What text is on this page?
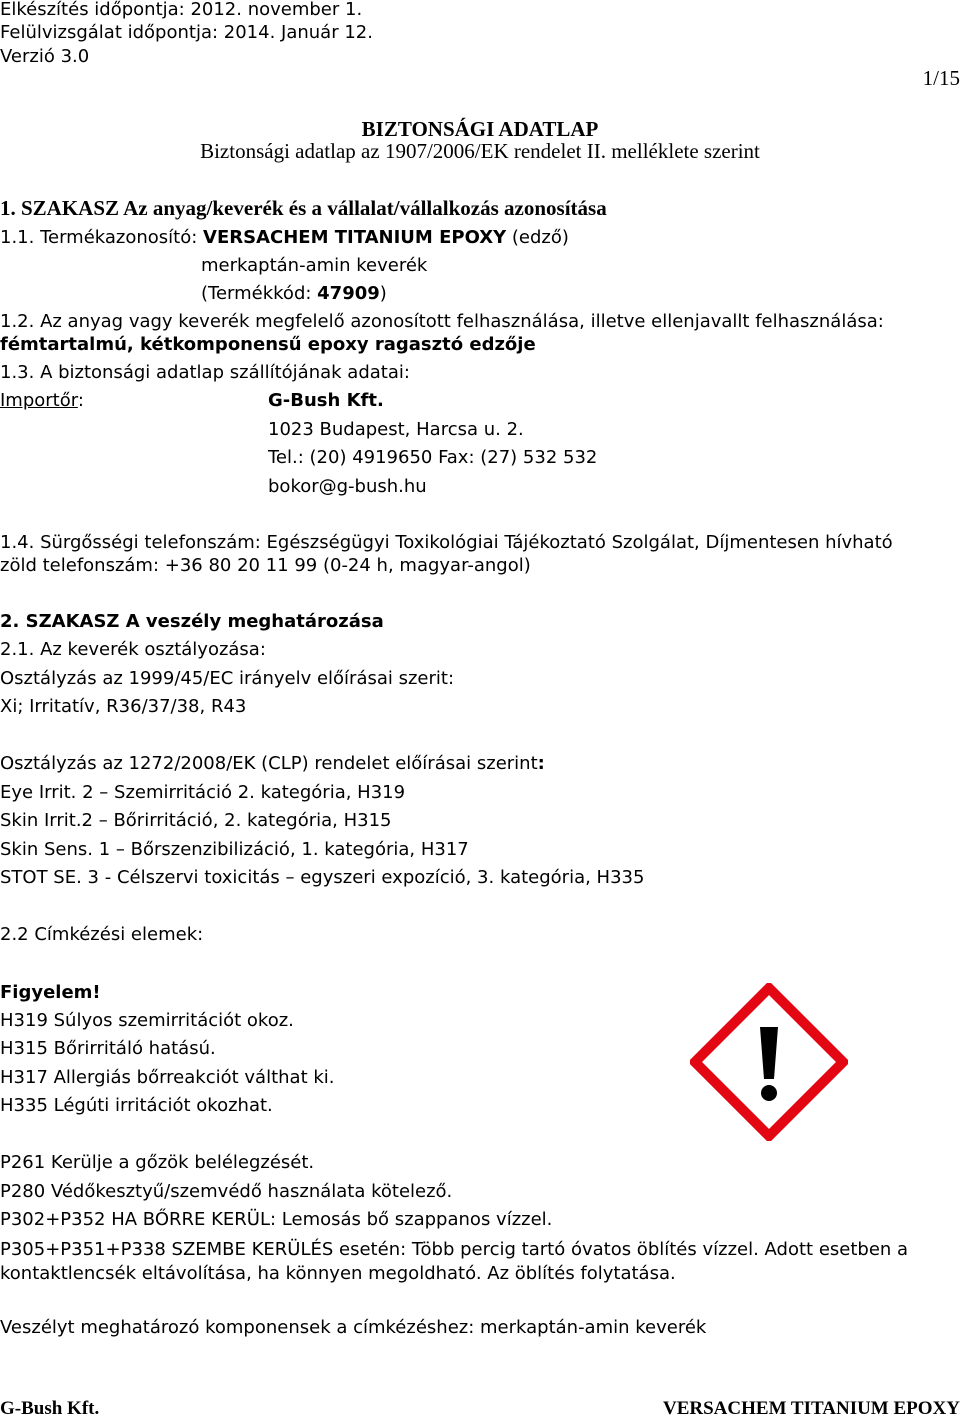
Elkészítés időpontja: 2012. november 1.
Felülvizsgálat időpontja: 2014. Január 12.
Verzió 3.0
1/15
BIZTONSÁGI ADATLAP
Biztonsági adatlap az 1907/2006/EK rendelet II. melléklete szerint
1. SZAKASZ Az anyag/keverék és a vállalat/vállalkozás azonosítása
1.1. Termékazonosító: VERSACHEM TITANIUM EPOXY (edző)
merkaptán-amin keverék
(Termékkód: 47909)
1.2. Az anyag vagy keverék megfelelő azonosított felhasználása, illetve ellenjavallt felhasználása:
fémtartalmú, kétkomponensű epoxy ragasztó edzője
1.3. A biztonsági adatlap szállítójának adatai:
Importőr:	G-Bush Kft.
1023 Budapest, Harcsa u. 2.
Tel.: (20) 4919650 Fax: (27) 532 532
bokor@g-bush.hu
1.4. Sürgősségi telefonszám: Egészségügyi Toxikológiai Tájékoztató Szolgálat, Díjmentesen hívható
zöld telefonszám: +36 80 20 11 99 (0-24 h, magyar-angol)
2. SZAKASZ A veszély meghatározása
2.1. Az keverék osztályozása:
Osztályzás az 1999/45/EC irányelv előírásai szerit:
Xi; Irritatív, R36/37/38, R43
Osztályzás az 1272/2008/EK (CLP) rendelet előírásai szerint:
Eye Irrit. 2 – Szemirritáció 2. kategória, H319
Skin Irrit.2 – Bőrirritáció, 2. kategória, H315
Skin Sens. 1 – Bőrszenzibilizáció, 1. kategória, H317
STOT SE. 3 - Célszervi toxicitás – egyszeri expozíció, 3. kategória, H335
2.2 Címkézési elemek:
Figyelem!
H319 Súlyos szemirritációt okoz.
H315 Bőrirritáló hatású.
H317 Allergiás bőrreakciót válthat ki.
H335 Légúti irritációt okozhat.
P261 Kerülje a gőzök belélegzését.
P280 Védőkesztyű/szemvédő használata kötelező.
P302+P352 HA BŐRRE KERÜL: Lemosás bő szappanos vízzel.
P305+P351+P338 SZEMBE KERÜLÉS esetén: Több percig tartó óvatos öblítés vízzel. Adott esetben a kontaktlencsék eltávolítása, ha könnyen megoldható. Az öblítés folytatása.
Veszélyt meghatározó komponensek a címkézéshez: merkaptán-amin keverék
G-Bush Kft.	VERSACHEM TITANIUM EPOXY
